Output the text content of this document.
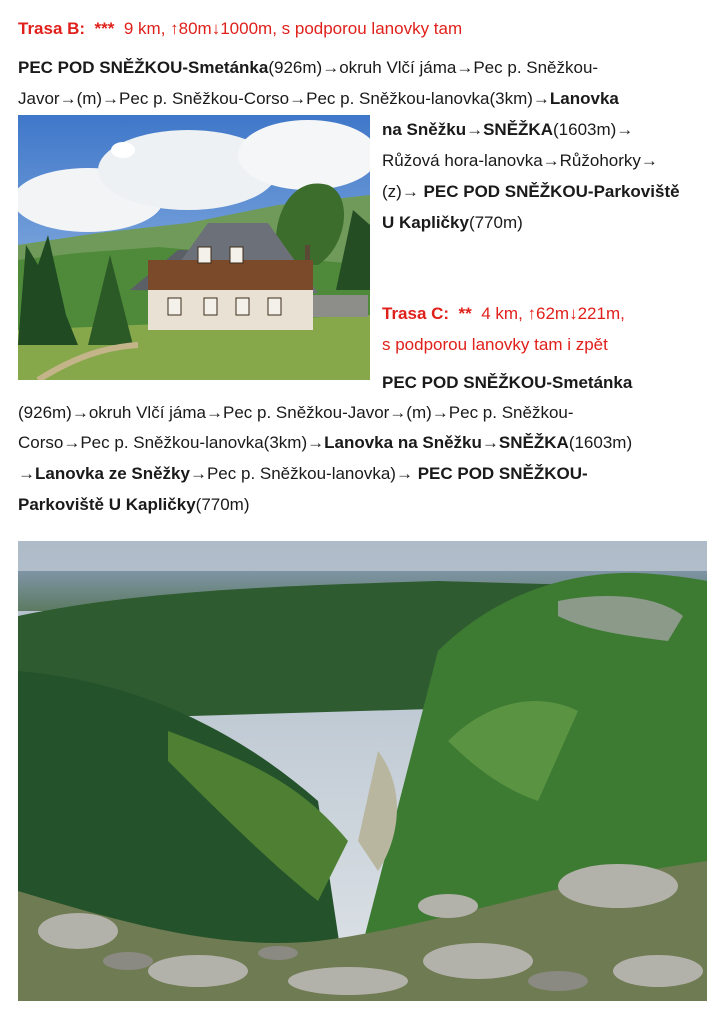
Trasa B: *** 9 km, ↑80m↓1000m, s podporou lanovky tam
PEC POD SNĚŽKOU-Smetánka(926m)→okruh Vlčí jáma→Pec p. Sněžkou-
Javor→(m)→Pec p. Sněžkou-Corso→Pec p. Sněžkou-lanovka(3km)→Lanovka
na Sněžku→SNĚŽKA(1603m)→
Růžová hora-lanovka→Růžohorky→
(z)→ PEC POD SNĚŽKOU-Parkoviště
U Kapličky(770m)
Trasa C: ** 4 km, ↑62m↓221m,
s podporou lanovky tam i zpět
PEC POD SNĚŽKOU-Smetánka
(926m)→okruh Vlčí jáma→Pec p. Sněžkou-Javor→(m)→Pec p. Sněžkou-
Corso→Pec p. Sněžkou-lanovka(3km)→Lanovka na Sněžku→SNĚŽKA(1603m)
→Lanovka ze Sněžky→Pec p. Sněžkou-lanovka)→ PEC POD SNĚŽKOU-
Parkoviště U Kapličky(770m)
